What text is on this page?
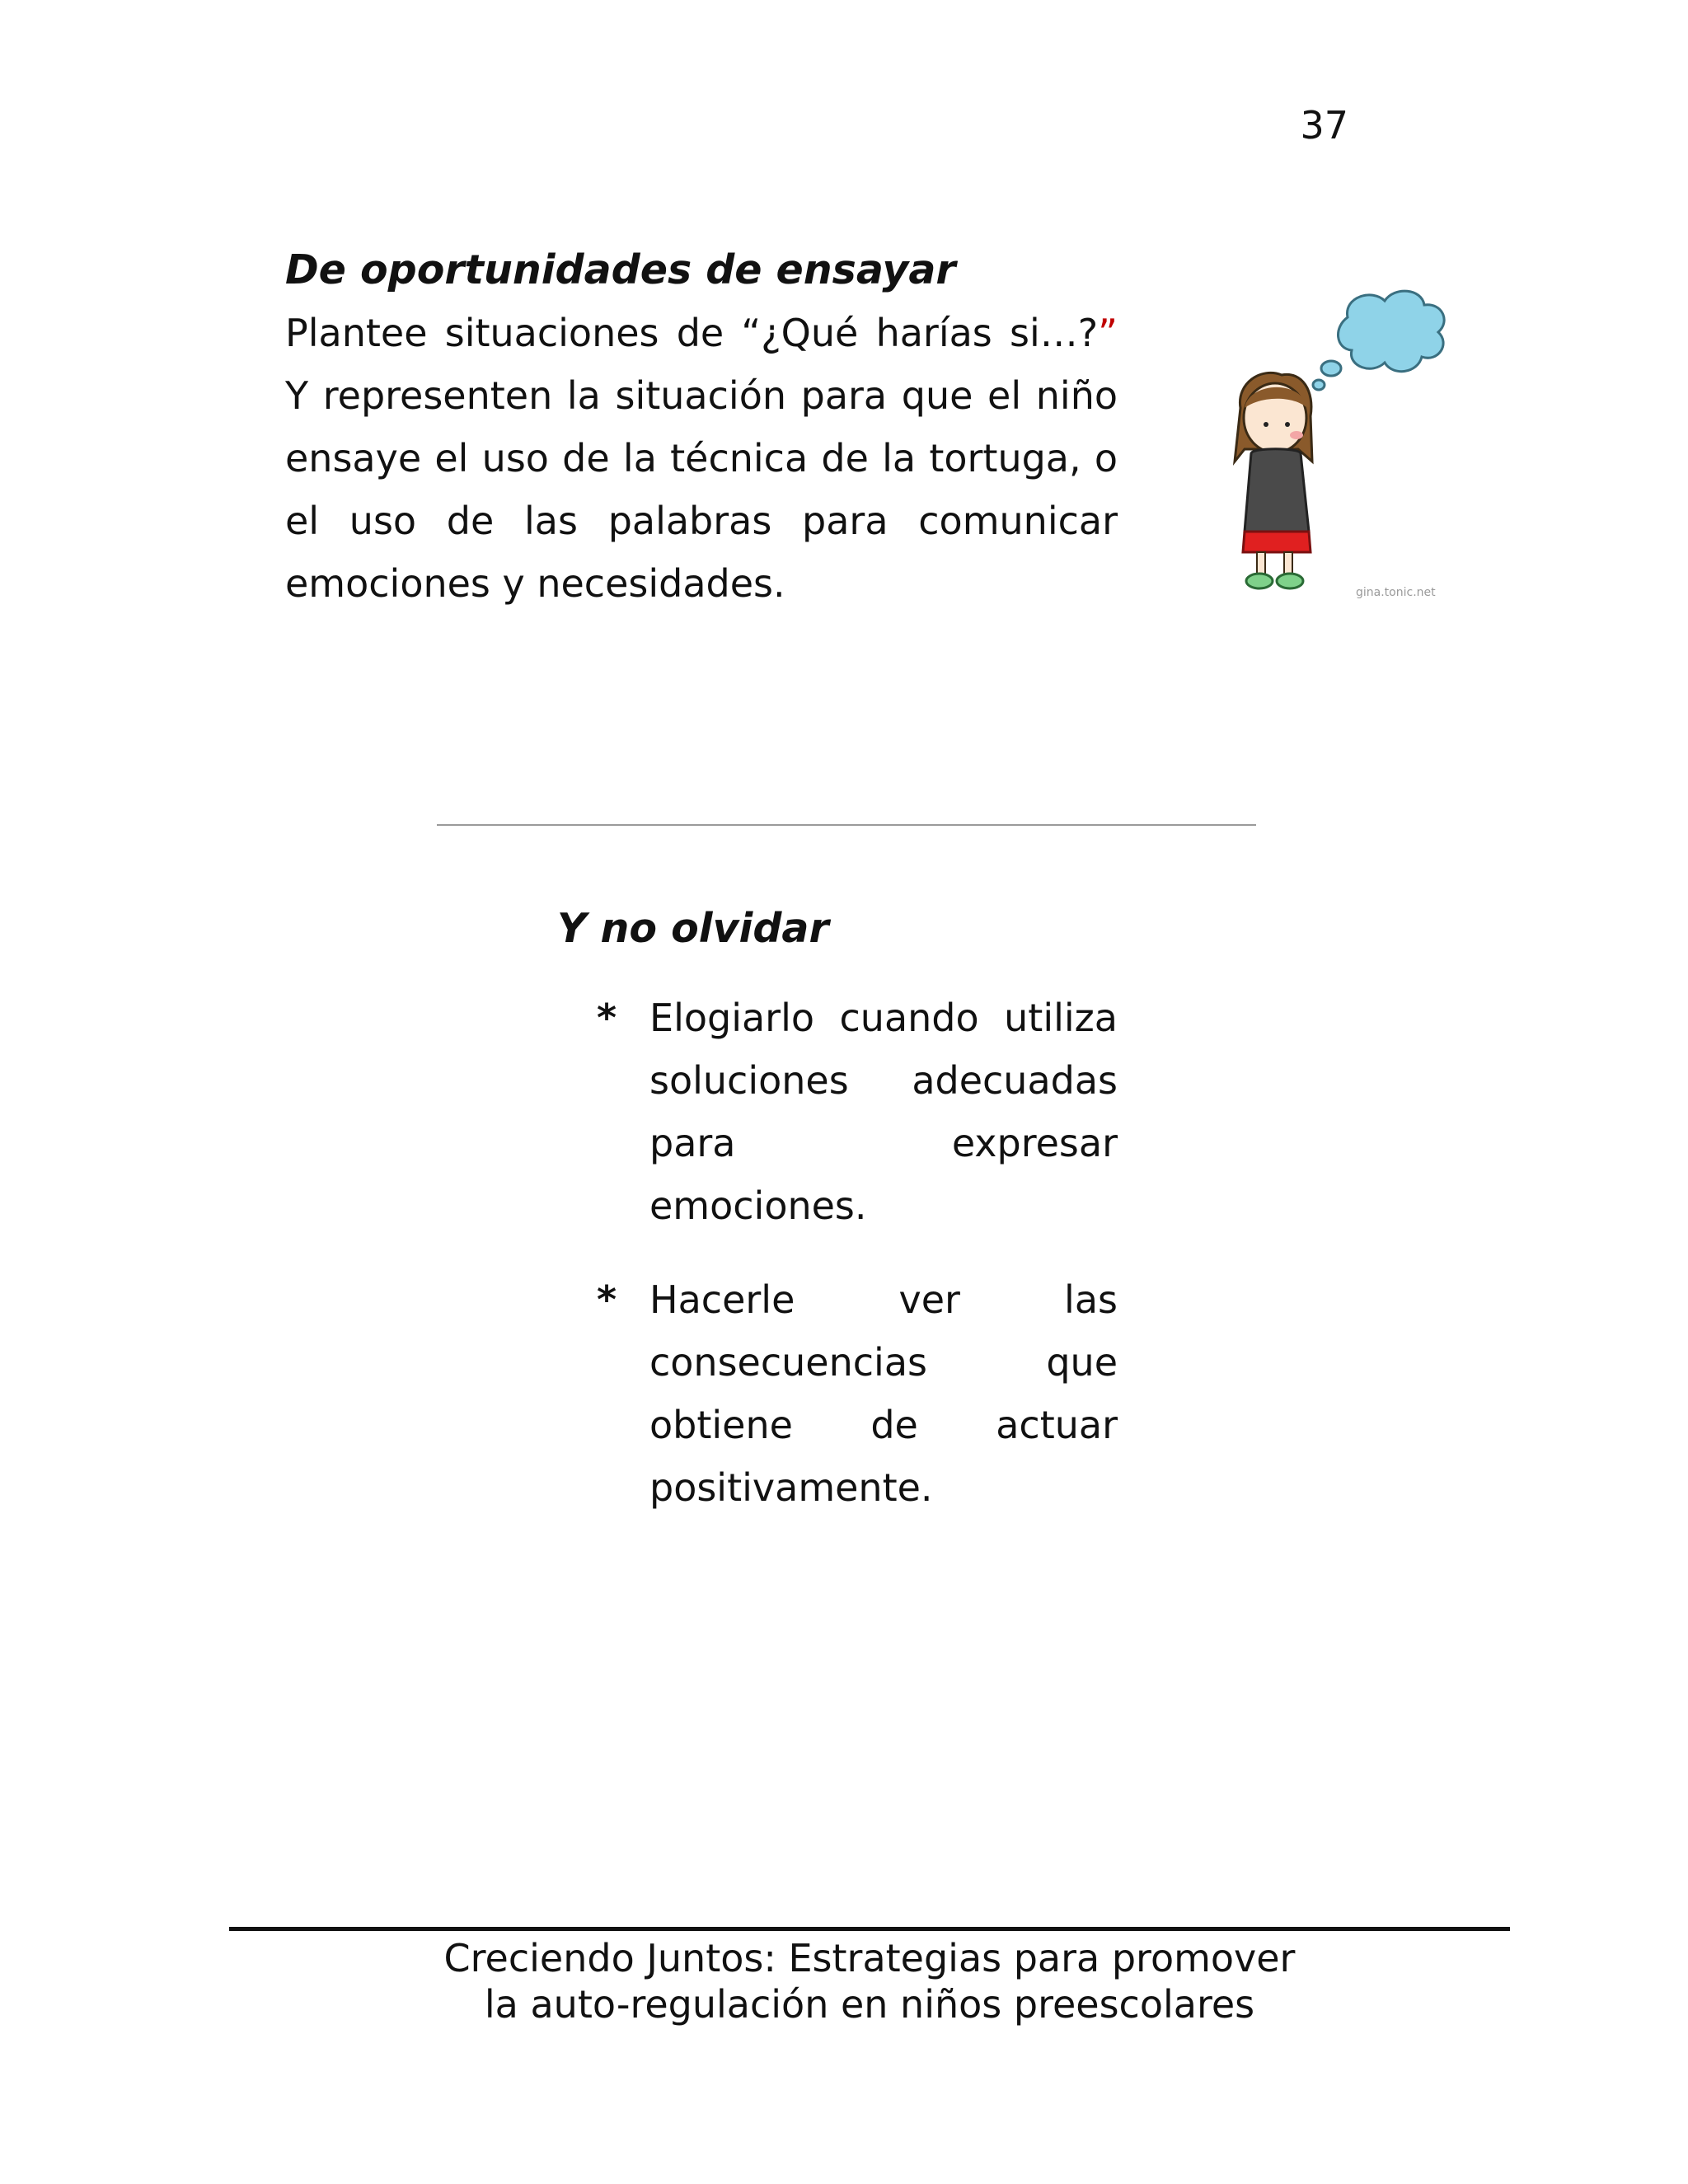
37
De oportunidades de ensayar

Plantee situaciones de “¿Qué harías si…?” Y representen la situación para que el niño ensaye el uso de la técnica de la tortuga, o el uso de las palabras para comunicar emociones y necesidades.	gina.tonic.net
Y no olvidar
* Elogiarlo cuando utiliza soluciones adecuadas para expresar emociones.
* Hacerle ver las consecuencias que obtiene de actuar positivamente.
Creciendo Juntos: Estrategias para promover
la auto-regulación en niños preescolares
